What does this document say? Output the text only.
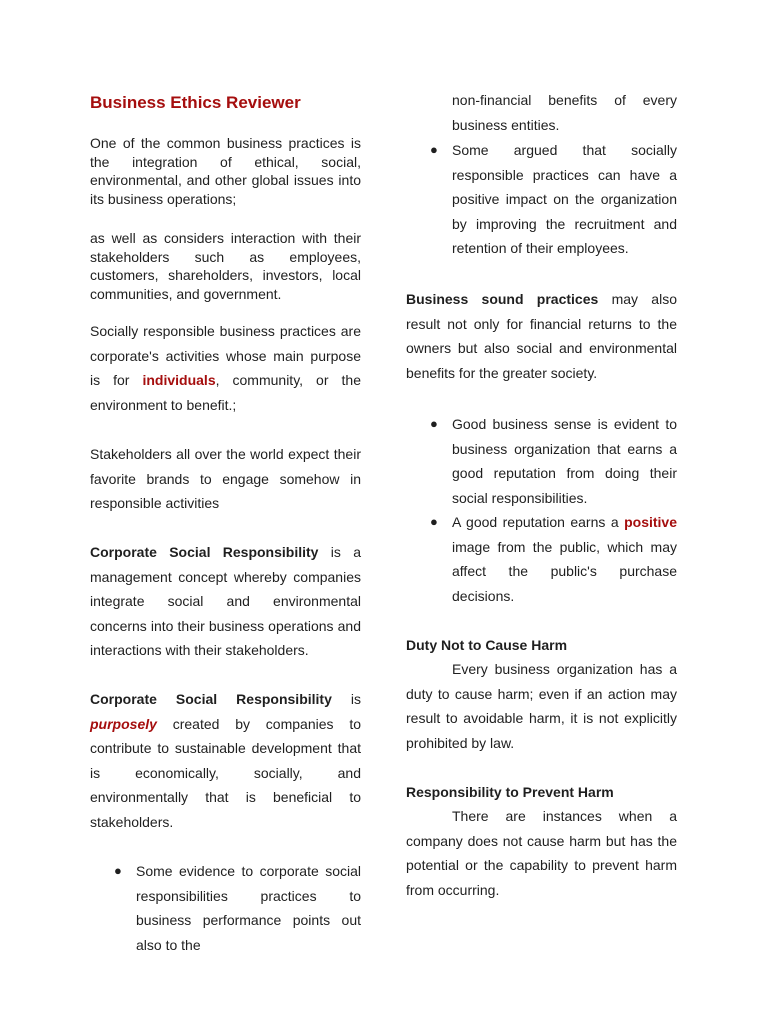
Business Ethics Reviewer

One of the common business practices is the integration of ethical, social, environmental, and other global issues into its business operations;

as well as considers interaction with their stakeholders such as employees, customers, shareholders, investors, local communities, and government.

Socially responsible business practices are corporate's activities whose main purpose is for individuals, community, or the environment to benefit.;

Stakeholders all over the world expect their favorite brands to engage somehow in responsible activities

Corporate Social Responsibility is a management concept whereby companies integrate social and environmental concerns into their business operations and interactions with their stakeholders.

Corporate Social Responsibility is purposely created by companies to contribute to sustainable development that is economically, socially, and environmentally that is beneficial to stakeholders.

● Some evidence to corporate social responsibilities practices to business performance points out also to the

non-financial benefits of every business entities.

● Some argued that socially responsible practices can have a positive impact on the organization by improving the recruitment and retention of their employees.

Business sound practices may also result not only for financial returns to the owners but also social and environmental benefits for the greater society.

● Good business sense is evident to business organization that earns a good reputation from doing their social responsibilities.
● A good reputation earns a positive image from the public, which may affect the public's purchase decisions.

Duty Not to Cause Harm

Every business organization has a duty to cause harm; even if an action may result to avoidable harm, it is not explicitly prohibited by law.

Responsibility to Prevent Harm

There are instances when a company does not cause harm but has the potential or the capability to prevent harm from occurring.
